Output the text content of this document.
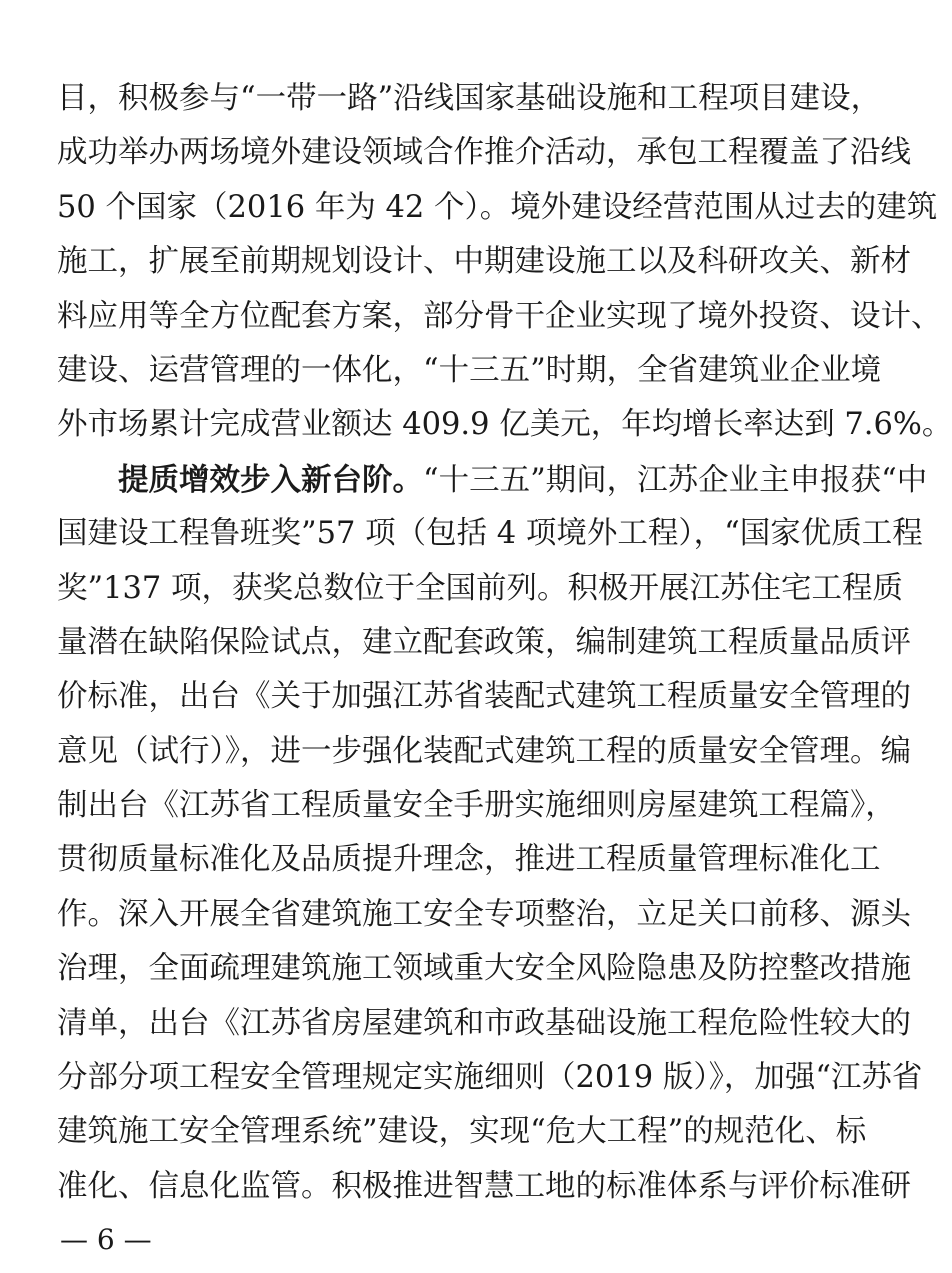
目，积极参与“一带一路”沿线国家基础设施和工程项目建设，
成功举办两场境外建设领域合作推介活动，承包工程覆盖了沿线
50 个国家（2016 年为 42 个）。境外建设经营范围从过去的建筑
施工，扩展至前期规划设计、中期建设施工以及科研攻关、新材
料应用等全方位配套方案，部分骨干企业实现了境外投资、设计、
建设、运营管理的一体化，“十三五”时期，全省建筑业企业境
外市场累计完成营业额达 409.9 亿美元，年均增长率达到 7.6%。
提质增效步入新台阶。“十三五”期间，江苏企业主申报获“中
国建设工程鲁班奖”57 项（包括 4 项境外工程），“国家优质工程
奖”137 项，获奖总数位于全国前列。积极开展江苏住宅工程质
量潜在缺陷保险试点，建立配套政策，编制建筑工程质量品质评
价标准，出台《关于加强江苏省装配式建筑工程质量安全管理的
意见（试行）》，进一步强化装配式建筑工程的质量安全管理。编
制出台《江苏省工程质量安全手册实施细则房屋建筑工程篇》，
贯彻质量标准化及品质提升理念，推进工程质量管理标准化工
作。深入开展全省建筑施工安全专项整治，立足关口前移、源头
治理，全面疏理建筑施工领域重大安全风险隐患及防控整改措施
清单，出台《江苏省房屋建筑和市政基础设施工程危险性较大的
分部分项工程安全管理规定实施细则（2019 版）》，加强“江苏省
建筑施工安全管理系统”建设，实现“危大工程”的规范化、标
准化、信息化监管。积极推进智慧工地的标准体系与评价标准研
— 6 —
